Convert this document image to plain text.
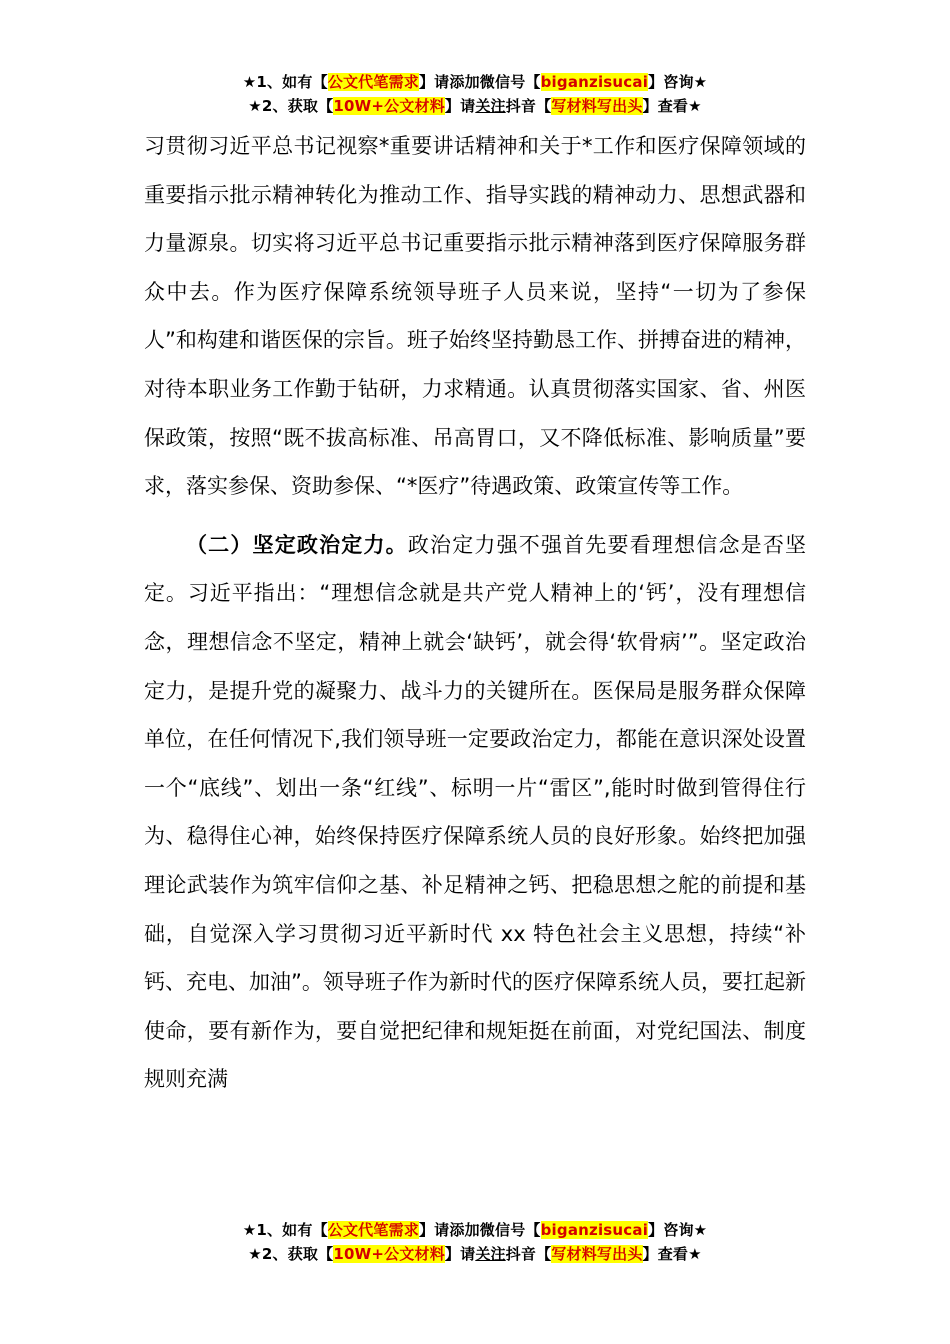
★1、如有【公文代笔需求】请添加微信号【biganzisucai】咨询★
★2、获取【10W+公文材料】请关注抖音【写材料写出头】查看★

习贯彻习近平总书记视察*重要讲话精神和关于*工作和医疗保障领域的重要指示批示精神转化为推动工作、指导实践的精神动力、思想武器和力量源泉。切实将习近平总书记重要指示批示精神落到医疗保障服务群众中去。作为医疗保障系统领导班子人员来说，坚持“一切为了参保人”和构建和谐医保的宗旨。班子始终坚持勤恳工作、拼搏奋进的精神，对待本职业务工作勤于钻研，力求精通。认真贯彻落实国家、省、州医保政策，按照“既不拔高标准、吊高胃口，又不降低标准、影响质量”要求，落实参保、资助参保、“*医疗”待遇政策、政策宣传等工作。

（二）坚定政治定力。政治定力强不强首先要看理想信念是否坚定。习近平指出：“理想信念就是共产党人精神上的‘钙’，没有理想信念，理想信念不坚定，精神上就会‘缺钙’，就会得‘软骨病’”。坚定政治定力，是提升党的凝聚力、战斗力的关键所在。医保局是服务群众保障单位，在任何情况下,我们领导班一定要政治定力，都能在意识深处设置一个“底线”、划出一条“红线”、标明一片“雷区”,能时时做到管得住行为、稳得住心神，始终保持医疗保障系统人员的良好形象。始终把加强理论武装作为筑牢信仰之基、补足精神之钙、把稳思想之舵的前提和基础，自觉深入学习贯彻习近平新时代 xx 特色社会主义思想，持续“补钙、充电、加油”。领导班子作为新时代的医疗保障系统人员，要扛起新使命，要有新作为，要自觉把纪律和规矩挺在前面，对党纪国法、制度规则充满

★1、如有【公文代笔需求】请添加微信号【biganzisucai】咨询★
★2、获取【10W+公文材料】请关注抖音【写材料写出头】查看★
